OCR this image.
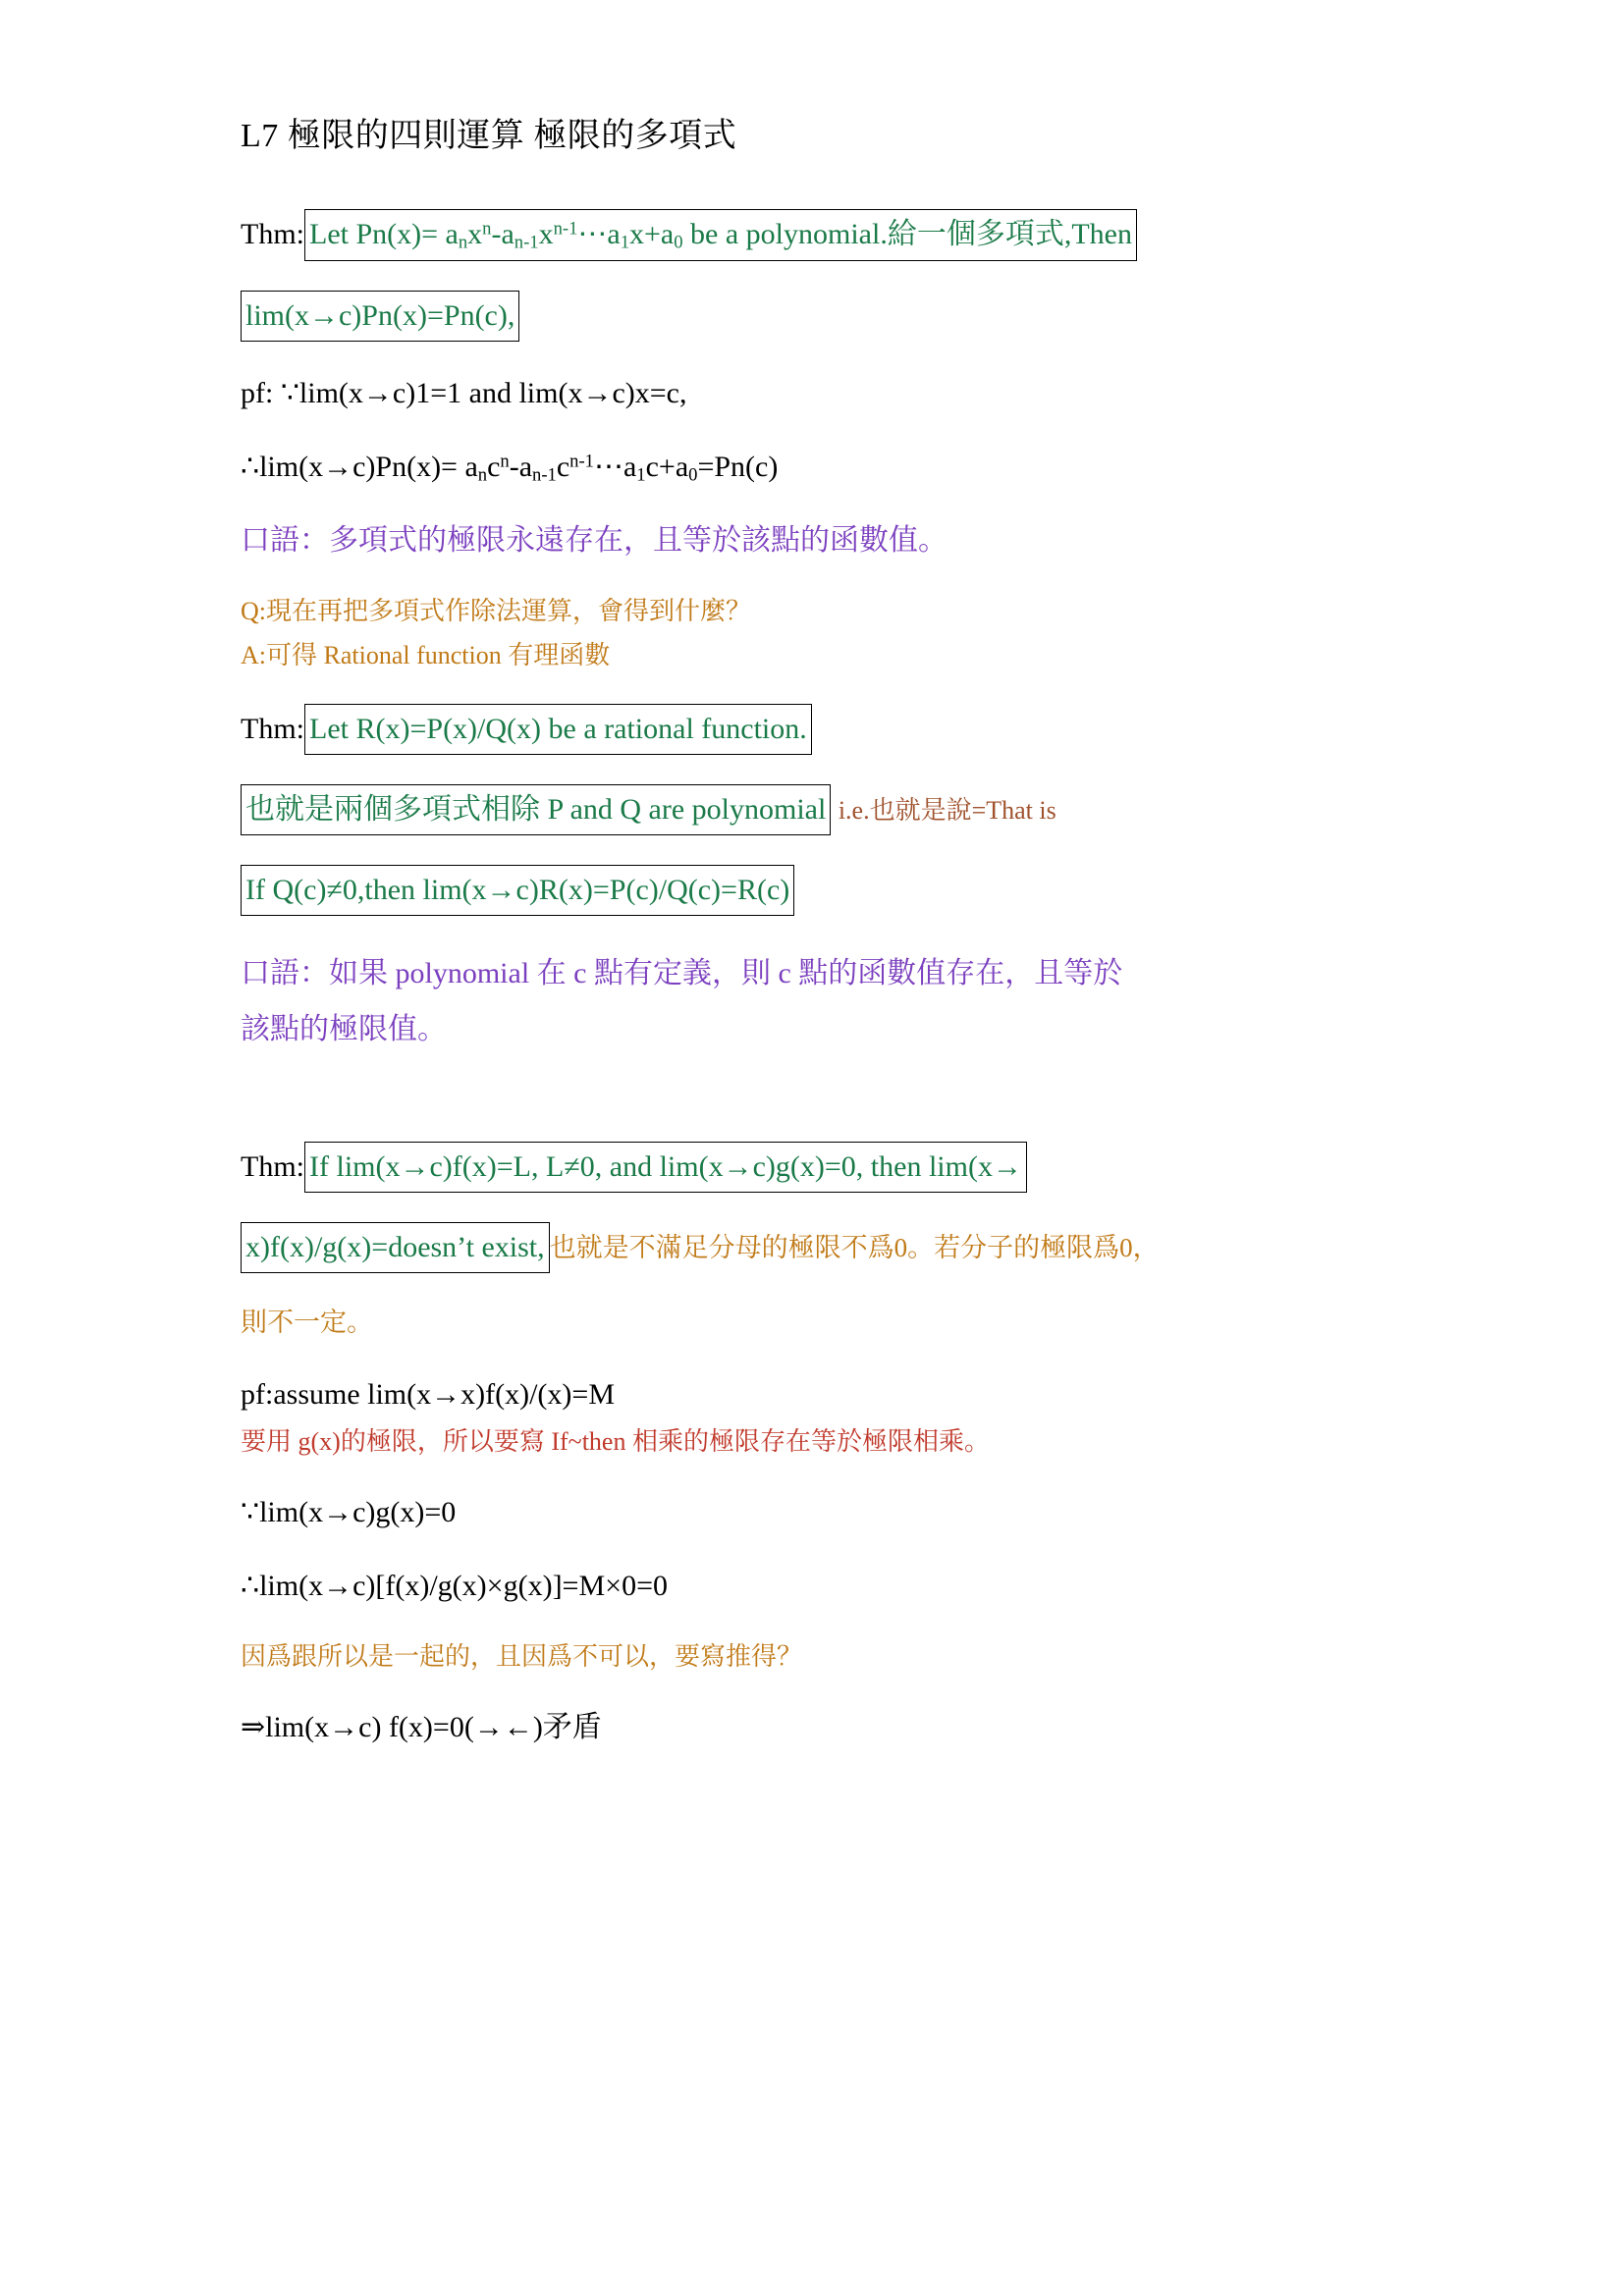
L7 極限的四則運算 極限的多項式
Thm: Let $Pn(x)= a_nx^n-a_{n-1}x^{n-1}\cdots a_1x+a_0$ be a polynomial.給一個多項式,Then
lim(x→c)Pn(x)=Pn(c),
pf: ∵lim(x→c)1=1 and lim(x→c)x=c,
∴lim(x→c)Pn(x)= $a_nc^n-a_{n-1}c^{n-1}\cdots a_1c+a_0=Pn(c)$
口語：多項式的極限永遠存在，且等於該點的函數值。
Q:現在再把多項式作除法運算，會得到什麼？
A:可得 Rational function 有理函數
Thm: Let R(x)=P(x)/Q(x) be a rational function.
也就是兩個多項式相除 P and Q are polynomial i.e.也就是說=That is
If Q(c)≠0,then lim(x→c)R(x)=P(c)/Q(c)=R(c)
口語：如果 polynomial 在 c 點有定義，則 c 點的函數值存在，且等於
該點的極限值。
Thm: If lim(x→c)f(x)=L, L≠0, and lim(x→c)g(x)=0, then lim(x→
x)f(x)/g(x)=doesn’t exist, 也就是不滿足分母的極限不爲0。若分子的極限爲0，
則不一定。
pf:assume lim(x→x)f(x)/(x)=M
要用 g(x)的極限，所以要寫 If~then 相乘的極限存在等於極限相乘。
∵lim(x→c)g(x)=0
∴lim(x→c)[f(x)/g(x)×g(x)]=M×0=0
因爲跟所以是一起的，且因爲不可以，要寫推得？
⇒lim(x→c) f(x)=0(→←)矛盾
